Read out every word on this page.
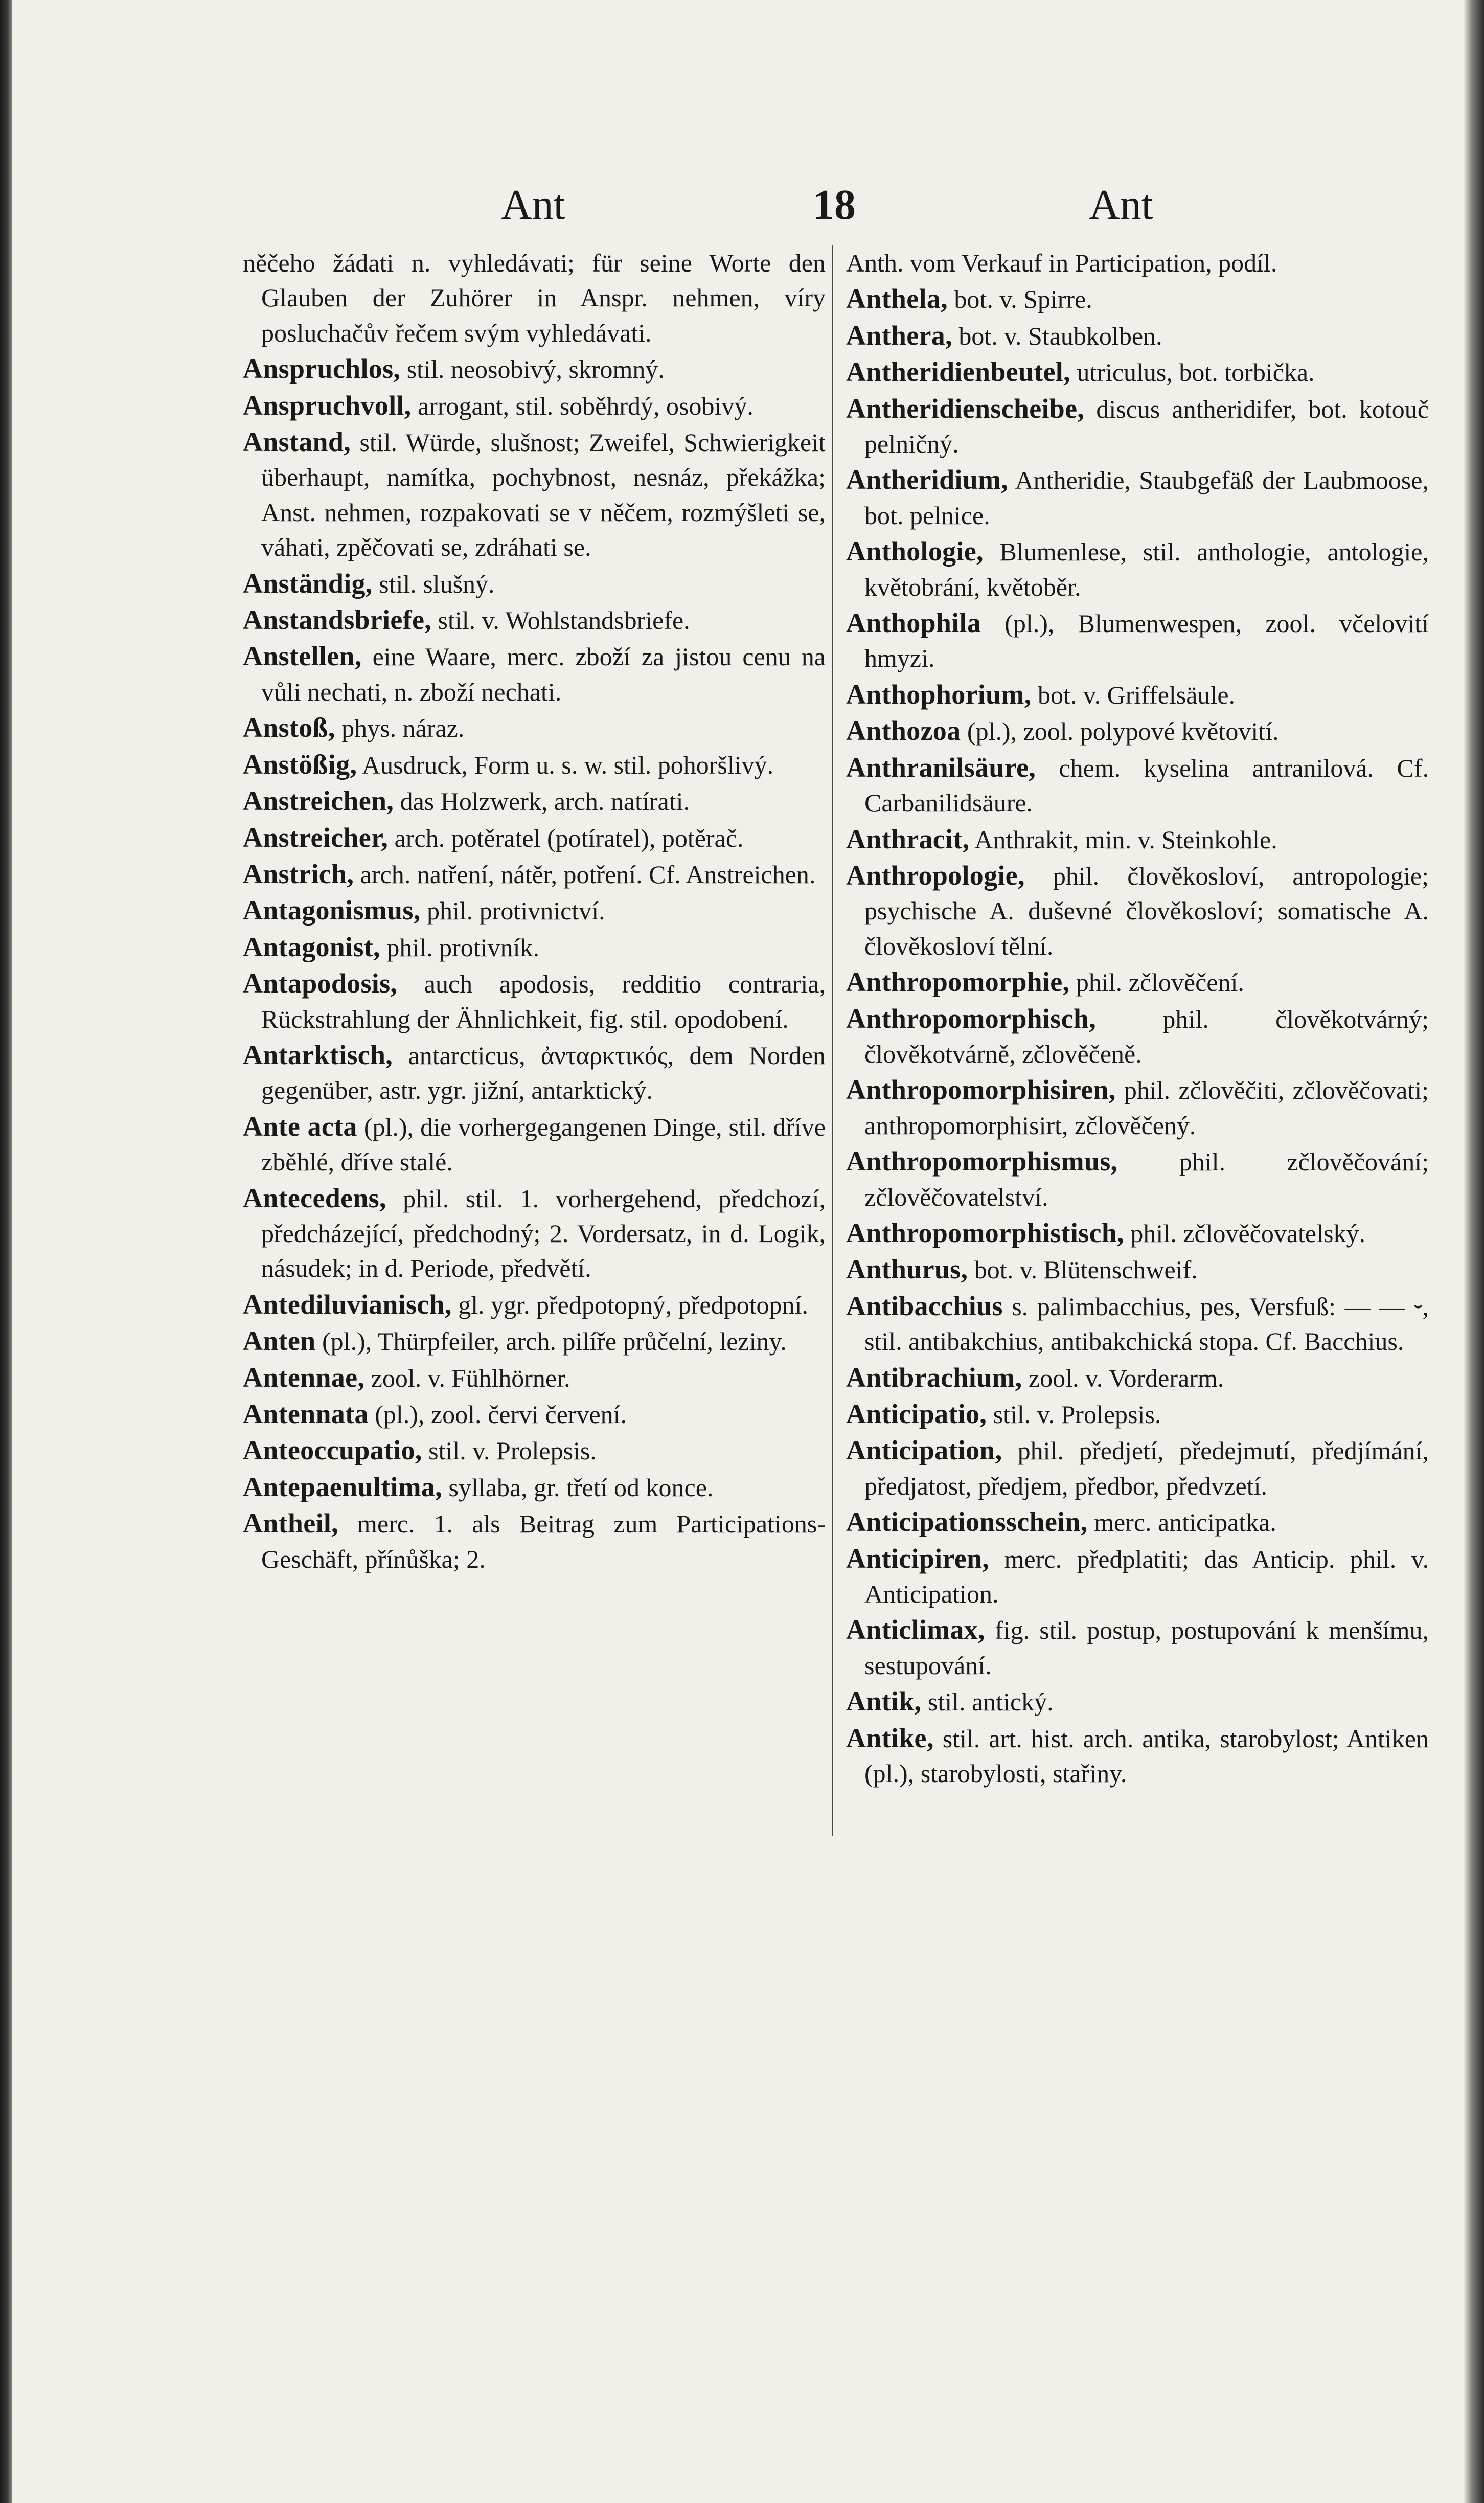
Ant	18	Ant

něčeho žádati n. vyhledávati; für seine Worte den Glauben der Zuhörer in Anspr. nehmen, víry posluchačův řečem svým vyhledávati.

Anspruchlos, stil. neosobivý, skromný.

Anspruchvoll, arrogant, stil. soběhrdý, osobivý.

Anstand, stil. Würde, slušnost; Zweifel, Schwierigkeit überhaupt, namítka, pochybnost, nesnáz, překážka; Anst. nehmen, rozpakovati se v něčem, rozmýšleti se, váhati, zpěčovati se, zdráhati se.

Anständig, stil. slušný.

Anstandsbriefe, stil. v. Wohlstandsbriefe.

Anstellen, eine Waare, merc. zboží za jistou cenu na vůli nechati, n. zboží nechati.

Anstoß, phys. náraz.

Anstößig, Ausdruck, Form u. s. w. stil. pohoršlivý.

Anstreichen, das Holzwerk, arch. natírati.

Anstreicher, arch. potěratel (potíratel), potěrač.

Anstrich, arch. natření, nátěr, potření. Cf. Anstreichen.

Antagonismus, phil. protivnictví.

Antagonist, phil. protivník.

Antapodosis, auch apodosis, redditio contraria, Rückstrahlung der Ähnlichkeit, fig. stil. opodobení.

Antarktisch, antarcticus, ἀνταρκτικός, dem Norden gegenüber, astr. ygr. jižní, antarktický.

Ante acta (pl.), die vorhergegangenen Dinge, stil. dříve zběhlé, dříve stalé.

Antecedens, phil. stil. 1. vorhergehend, předchozí, předcházející, předchodný; 2. Vordersatz, in d. Logik, násudek; in d. Periode, předvětí.

Antediluvianisch, gl. ygr. předpotopný, předpotopní.

Anten (pl.), Thürpfeiler, arch. pilíře průčelní, leziny.

Antennae, zool. v. Fühlhörner.

Antennata (pl.), zool. červi červení.

Anteoccupatio, stil. v. Prolepsis.

Antepaenultima, syllaba, gr. třetí od konce.

Antheil, merc. 1. als Beitrag zum Participations-Geschäft, přínůška; 2.

Anth. vom Verkauf in Participation, podíl.

Anthela, bot. v. Spirre.

Anthera, bot. v. Staubkolben.

Antheridienbeutel, utriculus, bot. torbička.

Antheridienscheibe, discus antheridifer, bot. kotouč pelničný.

Antheridium, Antheridie, Staubgefäß der Laubmoose, bot. pelnice.

Anthologie, Blumenlese, stil. anthologie, antologie, květobrání, květoběr.

Anthophila (pl.), Blumenwespen, zool. včelovití hmyzi.

Anthophorium, bot. v. Griffelsäule.

Anthozoa (pl.), zool. polypové květovití.

Anthranilsäure, chem. kyselina antranilová. Cf. Carbanilidsäure.

Anthracit, Anthrakit, min. v. Steinkohle.

Anthropologie, phil. člověkosloví, antropologie; psychische A. duševné člověkosloví; somatische A. člověkosloví tělní.

Anthropomorphie, phil. zčlověčení.

Anthropomorphisch,	phil. člověkotvárný; člověkotvárně, zčlověčeně.

Anthropomorphisiren, phil. zčlověčiti, zčlověčovati; anthropomorphisirt, zčlověčený.

Anthropomorphismus, phil. zčlověčování; zčlověčovatelství.

Anthropomorphistisch, phil. zčlověčovatelský.

Anthurus, bot. v. Blütenschweif.

Antibacchius s. palimbacchius, pes, Versfuß: — — ⏑, stil. antibakchius, antibakchická stopa. Cf. Bacchius.

Antibrachium, zool. v. Vorderarm.

Anticipatio, stil. v. Prolepsis.

Anticipation, phil. předjetí, předejmutí, předjímání, předjatost, předjem, předbor, předvzetí.

Anticipationsschein, merc. anticipatka.

Anticipiren, merc. předplatiti; das Anticip. phil. v. Anticipation.

Anticlimax, fig. stil. postup, postupování k menšímu, sestupování.

Antik, stil. antický.

Antike, stil. art. hist. arch. antika, starobylost; Antiken (pl.), starobylosti, stařiny.
